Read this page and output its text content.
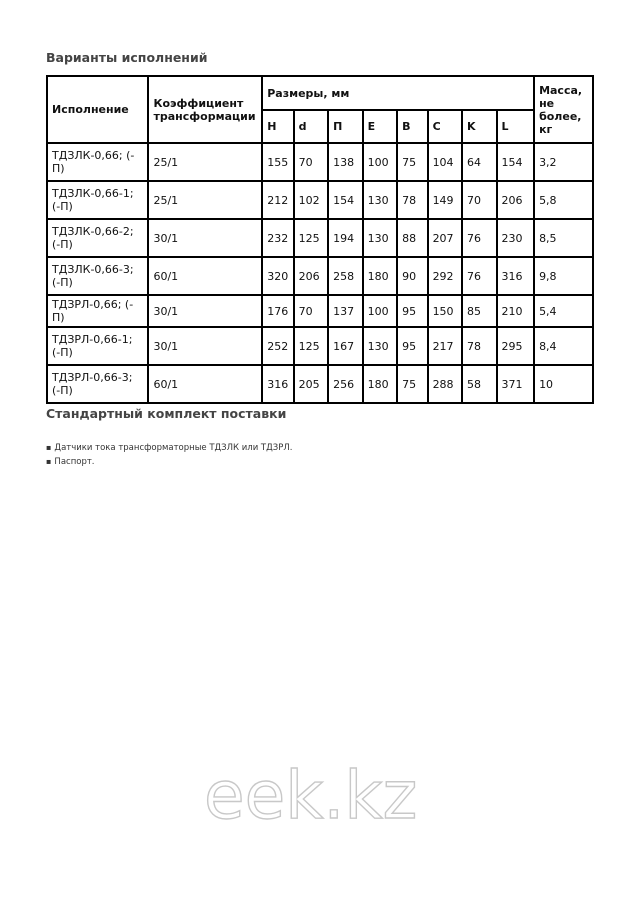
Варианты исполнений
Исполнение	Коэффициент трансформации	Размеры, мм								Масса, не более, кг
		H	d	П	E	B	C	K	L	
ТДЗЛК-0,66; (-П)	25/1	155	70	138	100	75	104	64	154	3,2
ТДЗЛК-0,66-1; (-П)	25/1	212	102	154	130	78	149	70	206	5,8
ТДЗЛК-0,66-2; (-П)	30/1	232	125	194	130	88	207	76	230	8,5
ТДЗЛК-0,66-3; (-П)	60/1	320	206	258	180	90	292	76	316	9,8
ТДЗРЛ-0,66; (-П)	30/1	176	70	137	100	95	150	85	210	5,4
ТДЗРЛ-0,66-1; (-П)	30/1	252	125	167	130	95	217	78	295	8,4
ТДЗРЛ-0,66-3; (-П)	60/1	316	205	256	180	75	288	58	371	10
Стандартный комплект поставки
▪ Датчики тока трансформаторные ТДЗЛК или ТДЗРЛ.
▪ Паспорт.
eek.kz
